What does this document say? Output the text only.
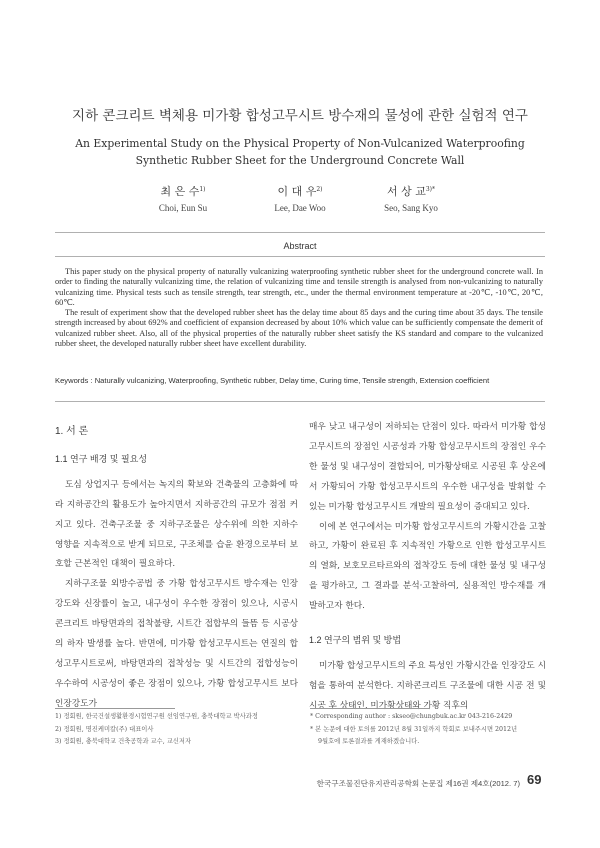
지하 콘크리트 벽체용 미가황 합성고무시트 방수재의 물성에 관한 실험적 연구
An Experimental Study on the Physical Property of Non-Vulcanized Waterproofing
Synthetic Rubber Sheet for the Underground Concrete Wall
최 은 수$^{1)}$
Choi, Eun Su
이 대 우$^{2)}$
Lee, Dae Woo
서 상 교$^{3)*}$
Seo, Sang Kyo
Abstract

This paper study on the physical property of naturally vulcanizing waterproofing synthetic rubber sheet for the underground concrete wall. In order to finding the naturally vulcanizing time, the relation of vulcanizing time and tensile strength is analysed from non-vulcanizing to naturally vulcanizing time. Physical tests such as tensile strength, tear strength, etc., under the thermal environment temperature at -20℃, -10℃, 20℃, 60℃.

The result of experiment show that the developed rubber sheet has the delay time about 85 days and the curing time about 35 days. The tensile strength increased by about 692% and coefficient of expansion decreased by about 10% which value can be sufficiently compensate the demerit of vulcanized rubber sheet. Also, all of the physical properties of the naturally rubber sheet satisfy the KS standard and compare to the vulcanized rubber sheet, the developed naturally rubber sheet have excellent durability.

Keywords : Naturally vulcanizing, Waterproofing, Synthetic rubber, Delay time, Curing time, Tensile strength, Extension coefficient
1. 서 론
1.1 연구 배경 및 필요성

도심 상업지구 등에서는 녹지의 확보와 건축물의 고층화에 따라 지하공간의 활용도가 높아지면서 지하공간의 규모가 점점 커지고 있다. 건축구조물 중 지하구조물은 상수위에 의한 지하수 영향을 지속적으로 받게 되므로, 구조체를 습윤 환경으로부터 보호할 근본적인 대책이 필요하다.

지하구조물 외방수공법 중 가황 합성고무시트 방수재는 인장강도와 신장률이 높고, 내구성이 우수한 장점이 있으나, 시공시 콘크리트 바탕면과의 접착불량, 시트간 접합부의 들뜸 등 시공상의 하자 발생률 높다. 반면에, 미가황 합성고무시트는 연질의 합성고무시트로써, 바탕면과의 접착성능 및 시트간의 접합성능이 우수하여 시공성이 좋은 장점이 있으나, 가황 합성고무시트 보다 인장강도가

매우 낮고 내구성이 저하되는 단점이 있다. 따라서 미가황 합성고무시트의 장점인 시공성과 가황 합성고무시트의 장점인 우수한 물성 및 내구성이 결합되어, 미가황상태로 시공된 후 상온에서 가황되어 가황 합성고무시트의 우수한 내구성을 발휘할 수 있는 미가황 합성고무시트 개발의 필요성이 증대되고 있다.

이에 본 연구에서는 미가황 합성고무시트의 가황시간을 고찰하고, 가황이 완료된 후 지속적인 가황으로 인한 합성고무시트의 열화, 보호모르타르와의 접착강도 등에 대한 물성 및 내구성을 평가하고, 그 결과를 분석·고찰하여, 실용적인 방수재를 개발하고자 한다.

1.2 연구의 범위 및 방법

미가황 합성고무시트의 주요 특성인 가황시간을 인장강도 시험을 통하여 분석한다. 지하콘크리트 구조물에 대한 시공 전 및 시공 후 상태인, 미가황상태와 가황 직후의

1) 정회원, 한국건설생활환경시험연구원 선임연구원, 충북대학교 박사과정
2) 정회원, 명진케미칼(주) 대표이사
3) 정회원, 충북대학교 건축공학과 교수, 교신저자
* Corresponding author : skseo@chungbuk.ac.kr 043-216-2429
* 본 논문에 대한 토의를 2012년 8월 31일까지 학회로 보내주시면 2012년
9월호에 토론결과를 게재하겠습니다.
한국구조물진단유지관리공학회 논문집 제16권 제4호(2012. 7) 69
